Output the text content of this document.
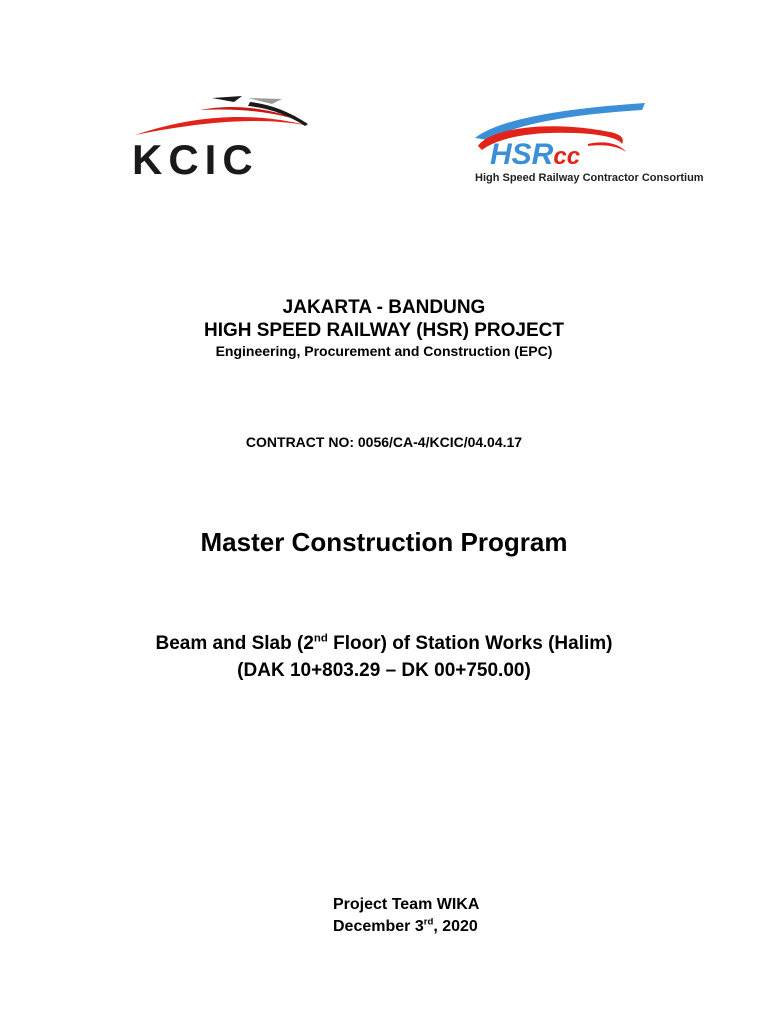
KCIC	HSRcc
High Speed Railway Contractor Consortium
JAKARTA - BANDUNG
HIGH SPEED RAILWAY (HSR) PROJECT
Engineering, Procurement and Construction (EPC)
CONTRACT NO: 0056/CA-4/KCIC/04.04.17
Master Construction Program
Beam and Slab (2nd Floor) of Station Works (Halim)
(DAK 10+803.29 – DK 00+750.00)
Project Team WIKA
December 3rd, 2020
